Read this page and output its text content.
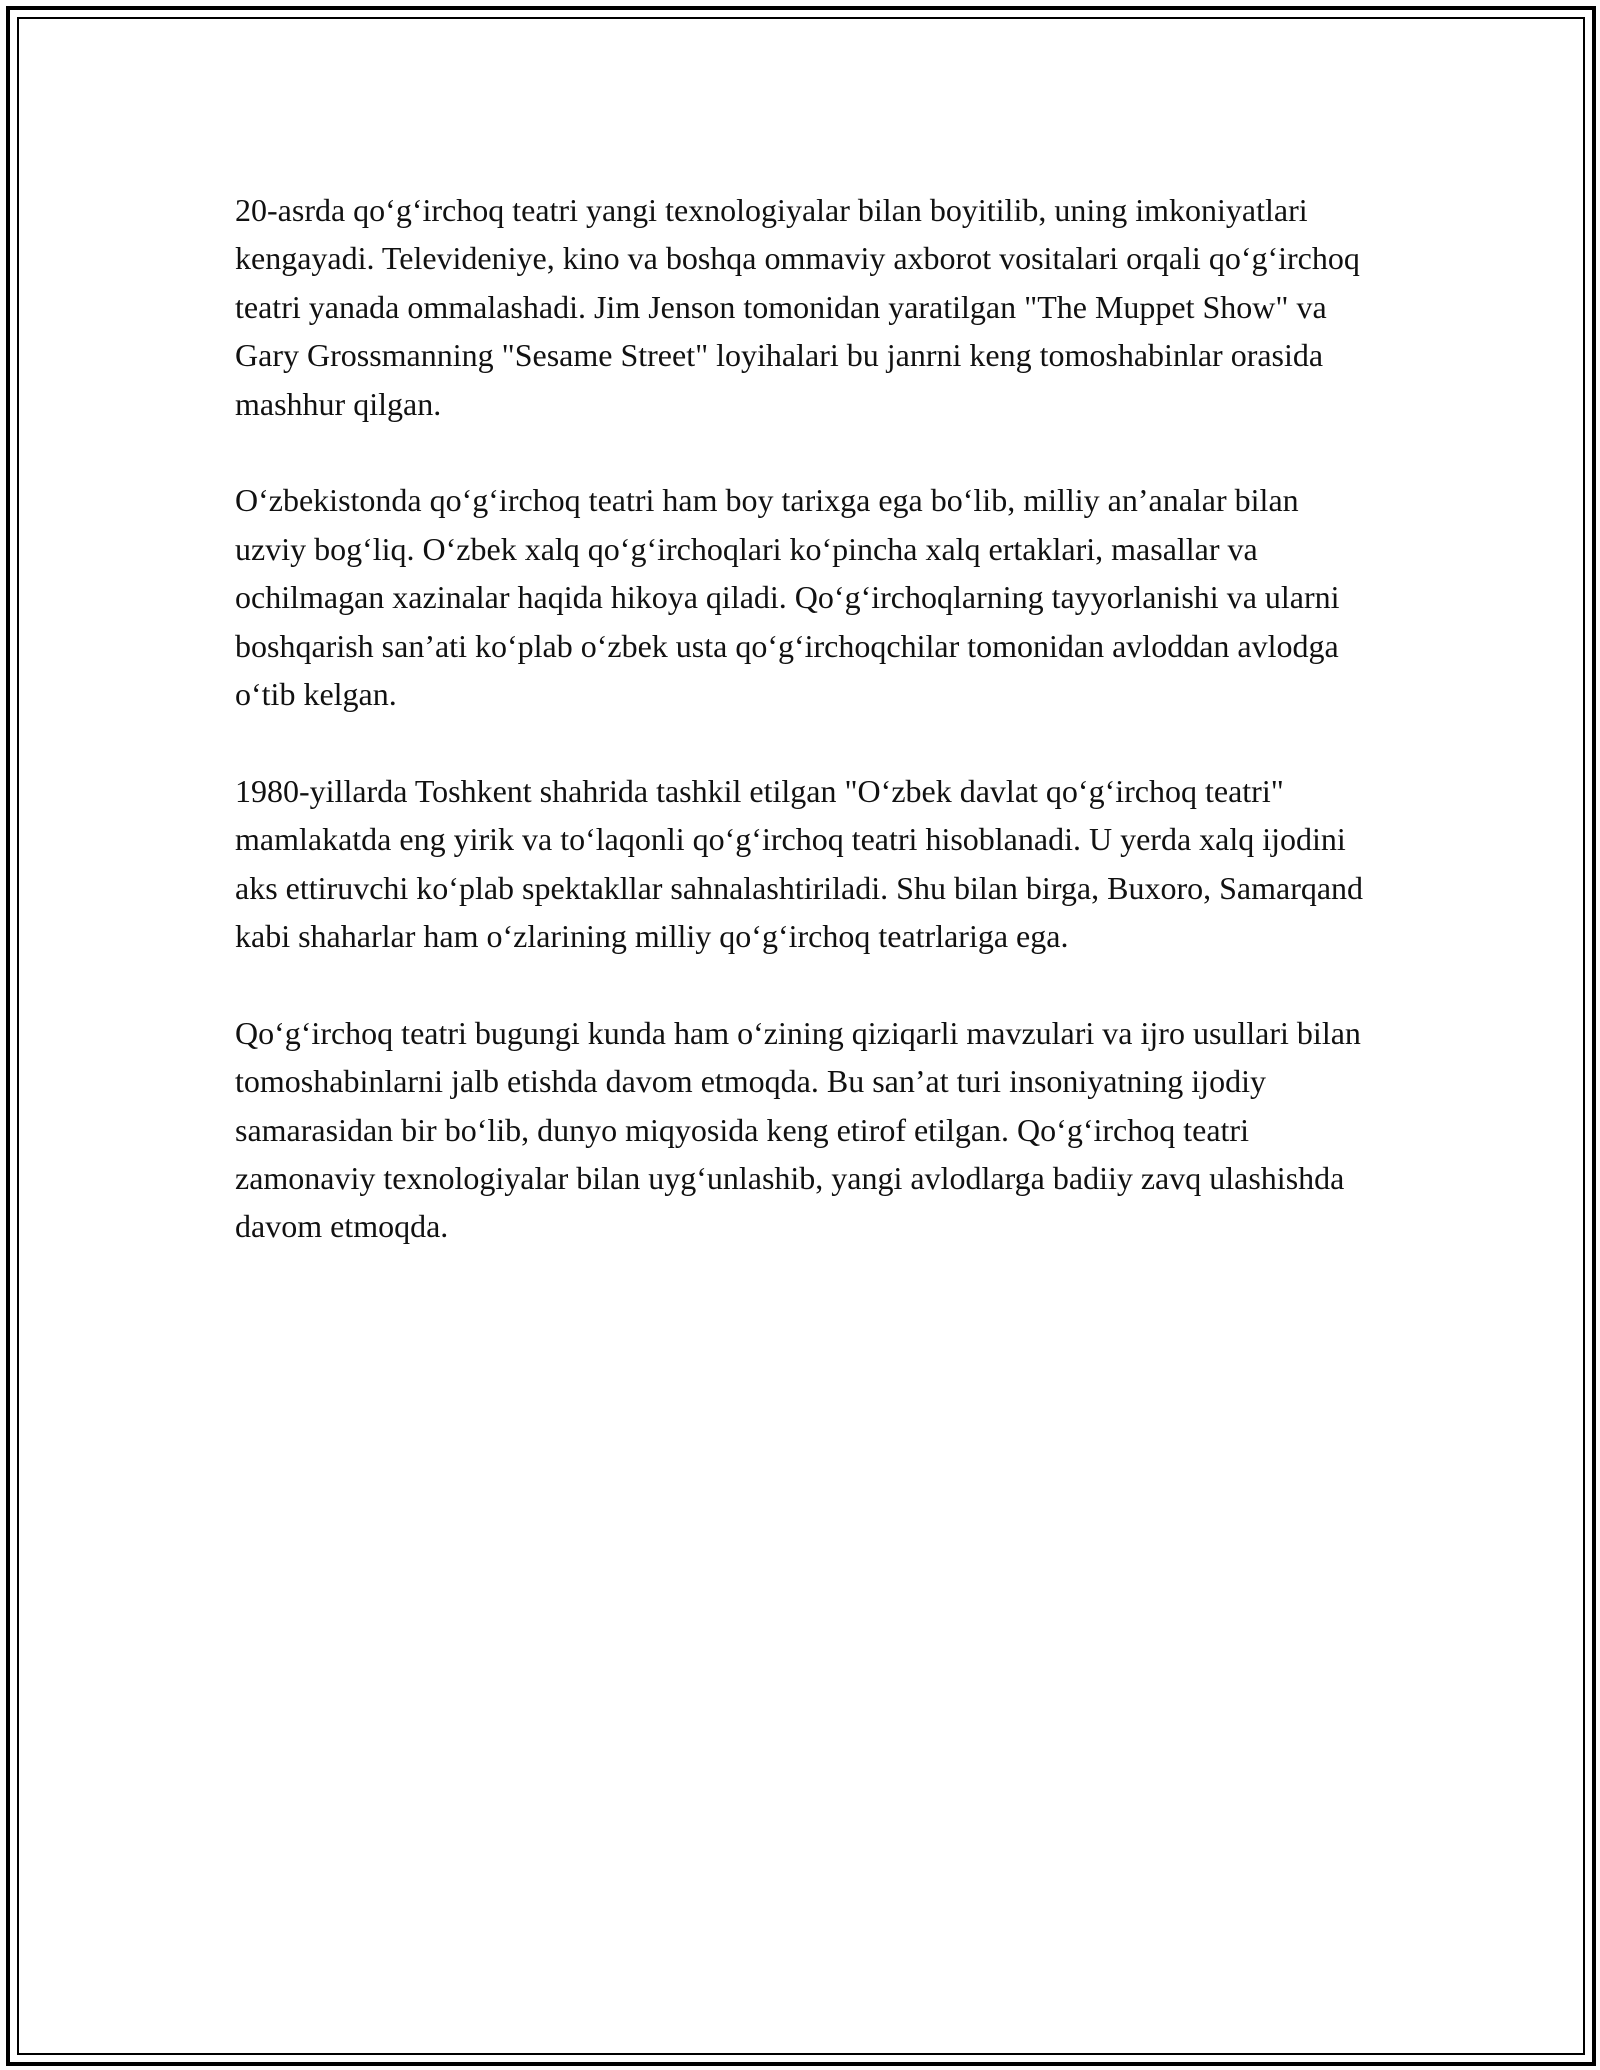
20-asrda qo‘g‘irchoq teatri yangi texnologiyalar bilan boyitilib, uning imkoniyatlari kengayadi. Televideniye, kino va boshqa ommaviy axborot vositalari orqali qo‘g‘irchoq teatri yanada ommalashadi. Jim Jenson tomonidan yaratilgan "The Muppet Show" va Gary Grossmanning "Sesame Street" loyihalari bu janrni keng tomoshabinlar orasida mashhur qilgan.

O‘zbekistonda qo‘g‘irchoq teatri ham boy tarixga ega bo‘lib, milliy an’analar bilan uzviy bog‘liq. O‘zbek xalq qo‘g‘irchoqlari ko‘pincha xalq ertaklari, masallar va ochilmagan xazinalar haqida hikoya qiladi. Qo‘g‘irchoqlarning tayyorlanishi va ularni boshqarish san’ati ko‘plab o‘zbek usta qo‘g‘irchoqchilar tomonidan avloddan avlodga o‘tib kelgan.

1980-yillarda Toshkent shahrida tashkil etilgan "O‘zbek davlat qo‘g‘irchoq teatri" mamlakatda eng yirik va to‘laqonli qo‘g‘irchoq teatri hisoblanadi. U yerda xalq ijodini aks ettiruvchi ko‘plab spektakllar sahnalashtiriladi. Shu bilan birga, Buxoro, Samarqand kabi shaharlar ham o‘zlarining milliy qo‘g‘irchoq teatrlariga ega.

Qo‘g‘irchoq teatri bugungi kunda ham o‘zining qiziqarli mavzulari va ijro usullari bilan tomoshabinlarni jalb etishda davom etmoqda. Bu san’at turi insoniyatning ijodiy samarasidan bir bo‘lib, dunyo miqyosida keng etirof etilgan. Qo‘g‘irchoq teatri zamonaviy texnologiyalar bilan uyg‘unlashib, yangi avlodlarga badiiy zavq ulashishda davom etmoqda.
